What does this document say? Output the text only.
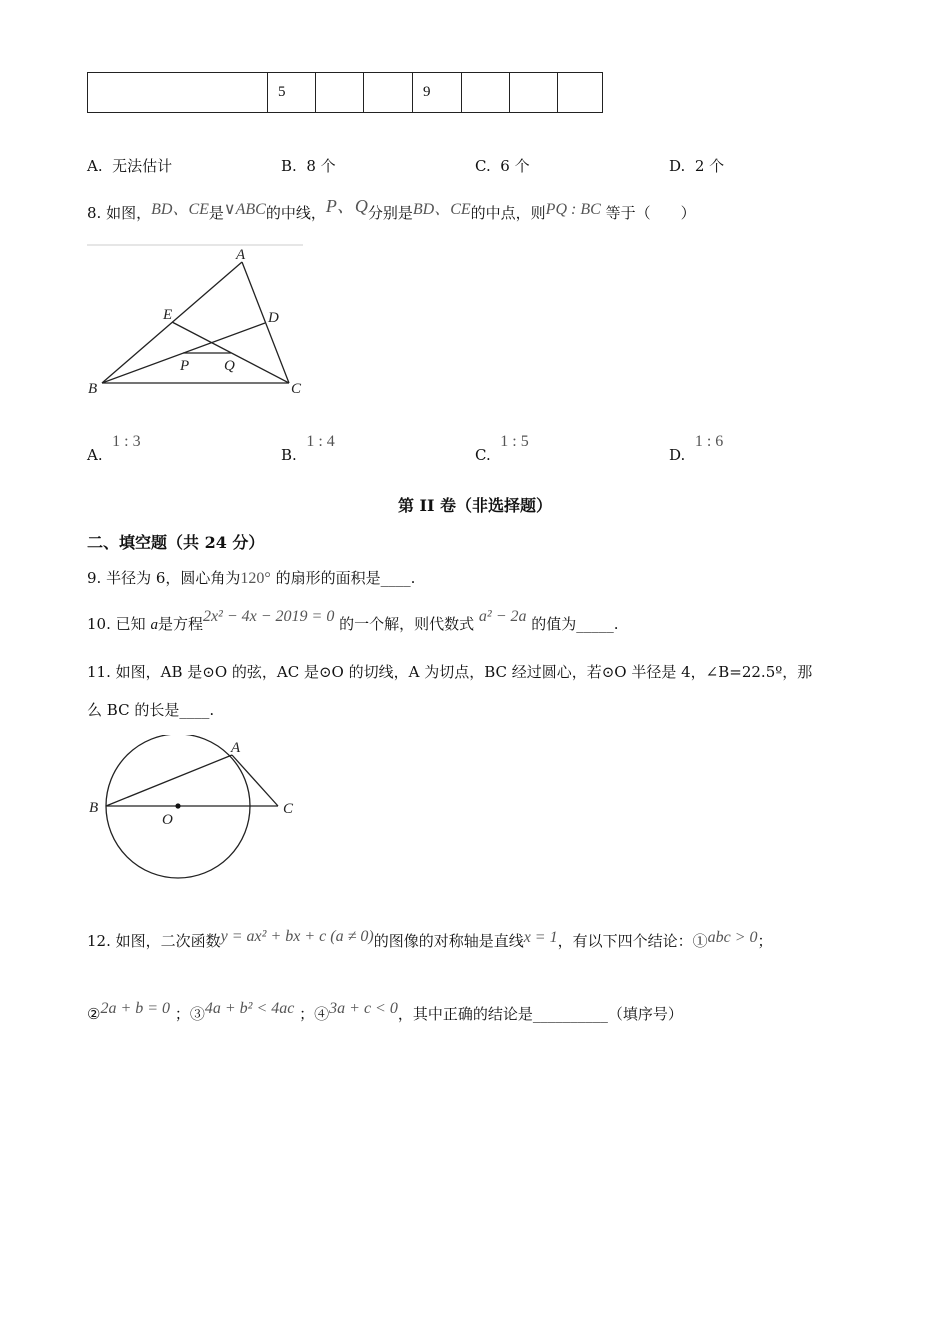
	5			9			
A. 无法估计	B. 8 个	C. 6 个	D. 2 个
8. 如图，BD、CE是∨ABC的中线，P、Q分别是BD、CE的中点，则PQ : BC 等于（　　）
A
E	D
P Q
B	C
A.  1 : 3
B.  1 : 4
C.  1 : 5
D.  1 : 6
第 II 卷（非选择题）
二、填空题（共 24 分）
9. 半径为 6，圆心角为120° 的扇形的面积是____.
10. 已知 a是方程2x² − 4x − 2019 = 0 的一个解，则代数式 a² − 2a 的值为_____.
11. 如图，AB 是⊙O 的弦，AC 是⊙O 的切线，A 为切点，BC 经过圆心，若⊙O 半径是 4，∠B=22.5º，那
么 BC 的长是____.
A
B	C
O
12. 如图，二次函数y = ax² + bx + c (a ≠ 0)的图像的对称轴是直线x = 1，有以下四个结论：①abc > 0；
②2a + b = 0 ；③4a + b² < 4ac ；④3a + c < 0，其中正确的结论是__________（填序号）
